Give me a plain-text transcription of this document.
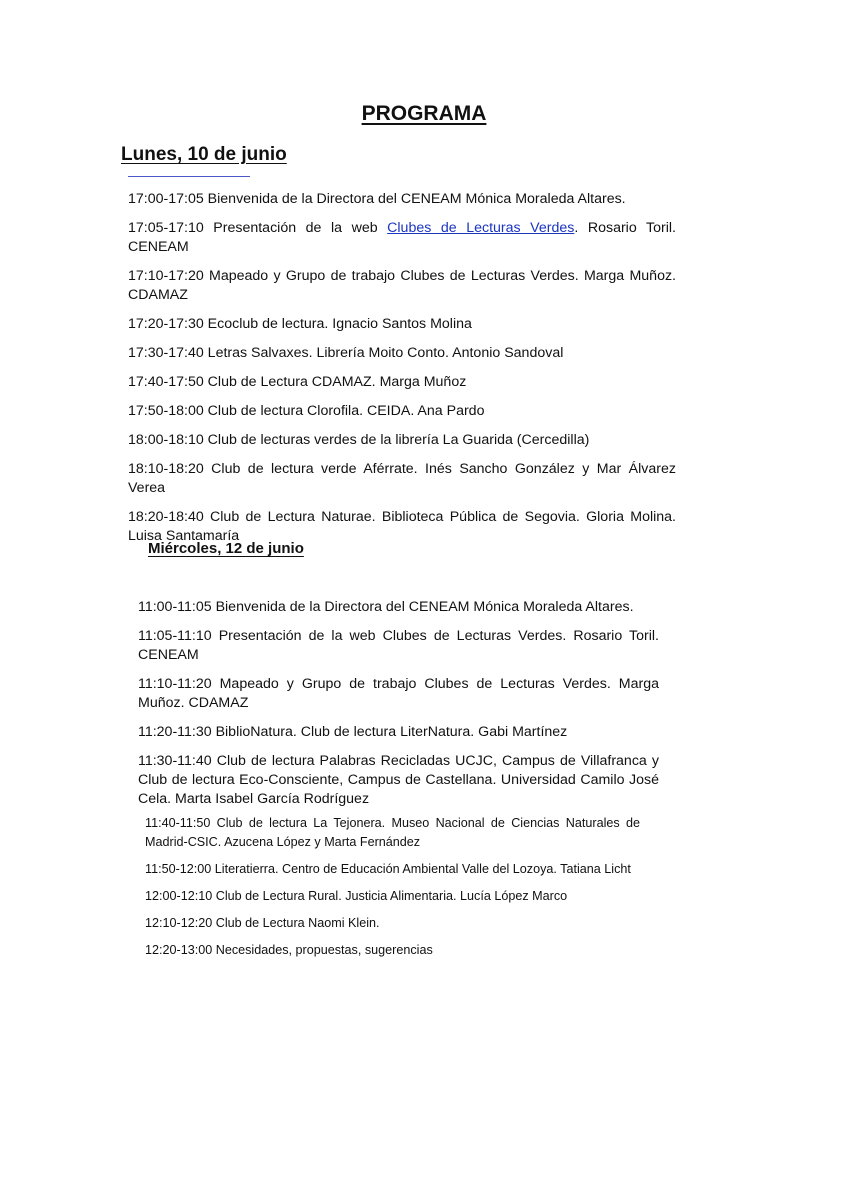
PROGRAMA
Lunes, 10 de junio

17:00-17:05 Bienvenida de la Directora del CENEAM Mónica Moraleda Altares.

17:05-17:10 Presentación de la web Clubes de Lecturas Verdes. Rosario Toril. CENEAM

17:10-17:20 Mapeado y Grupo de trabajo Clubes de Lecturas Verdes. Marga Muñoz. CDAMAZ

17:20-17:30 Ecoclub de lectura. Ignacio Santos Molina

17:30-17:40 Letras Salvaxes. Librería Moito Conto. Antonio Sandoval

17:40-17:50 Club de Lectura CDAMAZ. Marga Muñoz

17:50-18:00 Club de lectura Clorofila. CEIDA. Ana Pardo

18:00-18:10 Club de lecturas verdes de la librería La Guarida (Cercedilla)

18:10-18:20 Club de lectura verde Aférrate. Inés Sancho González y Mar Álvarez Verea

18:20-18:40 Club de Lectura Naturae. Biblioteca Pública de Segovia. Gloria Molina. Luisa Santamaría

Miércoles, 12 de junio

11:00-11:05 Bienvenida de la Directora del CENEAM Mónica Moraleda Altares.

11:05-11:10 Presentación de la web Clubes de Lecturas Verdes. Rosario Toril. CENEAM

11:10-11:20 Mapeado y Grupo de trabajo Clubes de Lecturas Verdes. Marga Muñoz. CDAMAZ

11:20-11:30 BiblioNatura. Club de lectura LiterNatura. Gabi Martínez

11:30-11:40 Club de lectura Palabras Recicladas UCJC, Campus de Villafranca y Club de lectura Eco-Consciente, Campus de Castellana. Universidad Camilo José Cela. Marta Isabel García Rodríguez

11:40-11:50 Club de lectura La Tejonera. Museo Nacional de Ciencias Naturales de Madrid-CSIC. Azucena López y Marta Fernández

11:50-12:00 Literatierra. Centro de Educación Ambiental Valle del Lozoya. Tatiana Licht

12:00-12:10 Club de Lectura Rural. Justicia Alimentaria. Lucía López Marco

12:10-12:20 Club de Lectura Naomi Klein.

12:20-13:00 Necesidades, propuestas, sugerencias
